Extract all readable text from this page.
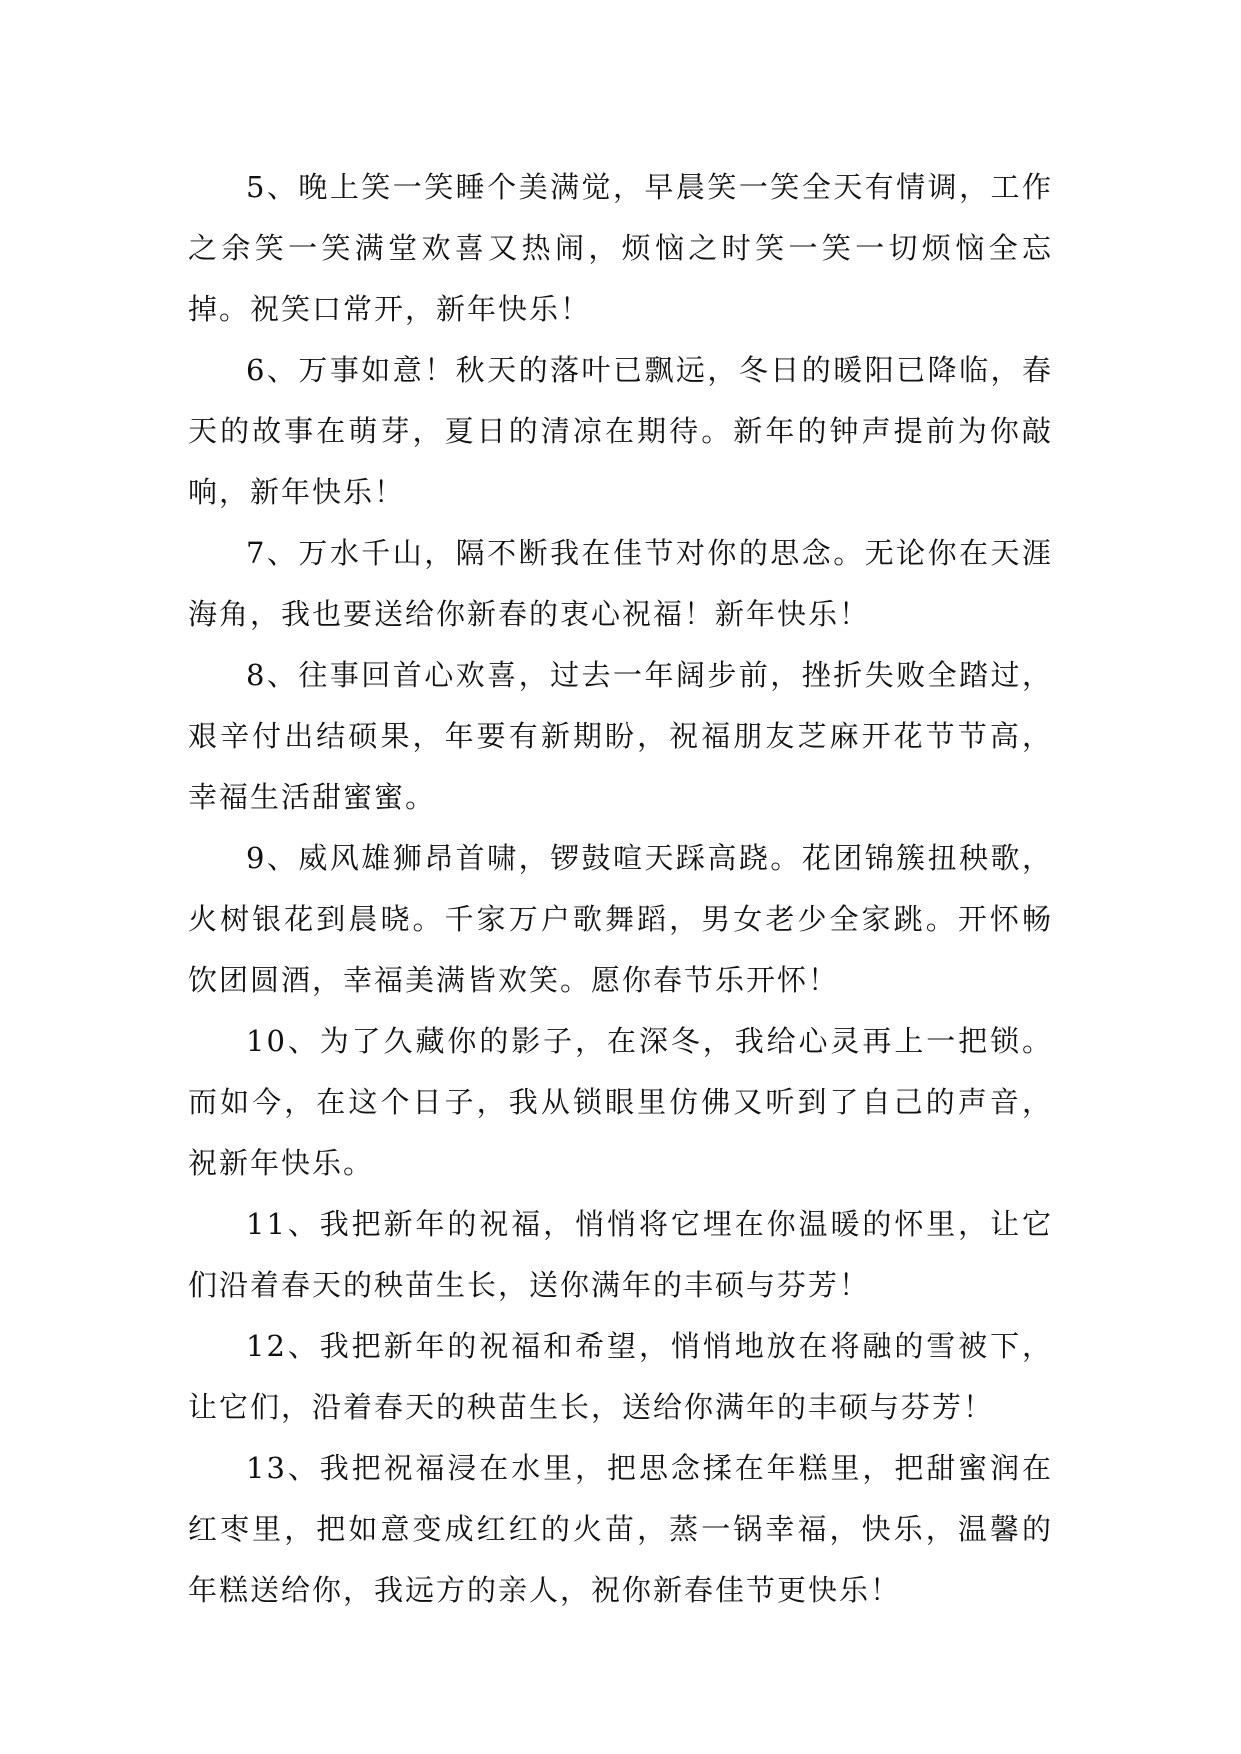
5、晚上笑一笑睡个美满觉，早晨笑一笑全天有情调，工作之余笑一笑满堂欢喜又热闹，烦恼之时笑一笑一切烦恼全忘掉。祝笑口常开，新年快乐！

6、万事如意！秋天的落叶已飘远，冬日的暖阳已降临，春天的故事在萌芽，夏日的清凉在期待。新年的钟声提前为你敲响，新年快乐！

7、万水千山，隔不断我在佳节对你的思念。无论你在天涯海角，我也要送给你新春的衷心祝福！新年快乐！

8、往事回首心欢喜，过去一年阔步前，挫折失败全踏过，艰辛付出结硕果，年要有新期盼，祝福朋友芝麻开花节节高，幸福生活甜蜜蜜。

9、威风雄狮昂首啸，锣鼓喧天踩高跷。花团锦簇扭秧歌，火树银花到晨晓。千家万户歌舞蹈，男女老少全家跳。开怀畅饮团圆酒，幸福美满皆欢笑。愿你春节乐开怀！

10、为了久藏你的影子，在深冬，我给心灵再上一把锁。而如今，在这个日子，我从锁眼里仿佛又听到了自己的声音，祝新年快乐。

11、我把新年的祝福，悄悄将它埋在你温暖的怀里，让它们沿着春天的秧苗生长，送你满年的丰硕与芬芳！

12、我把新年的祝福和希望，悄悄地放在将融的雪被下，让它们，沿着春天的秧苗生长，送给你满年的丰硕与芬芳！

13、我把祝福浸在水里，把思念揉在年糕里，把甜蜜润在红枣里，把如意变成红红的火苗，蒸一锅幸福，快乐，温馨的年糕送给你，我远方的亲人，祝你新春佳节更快乐！
